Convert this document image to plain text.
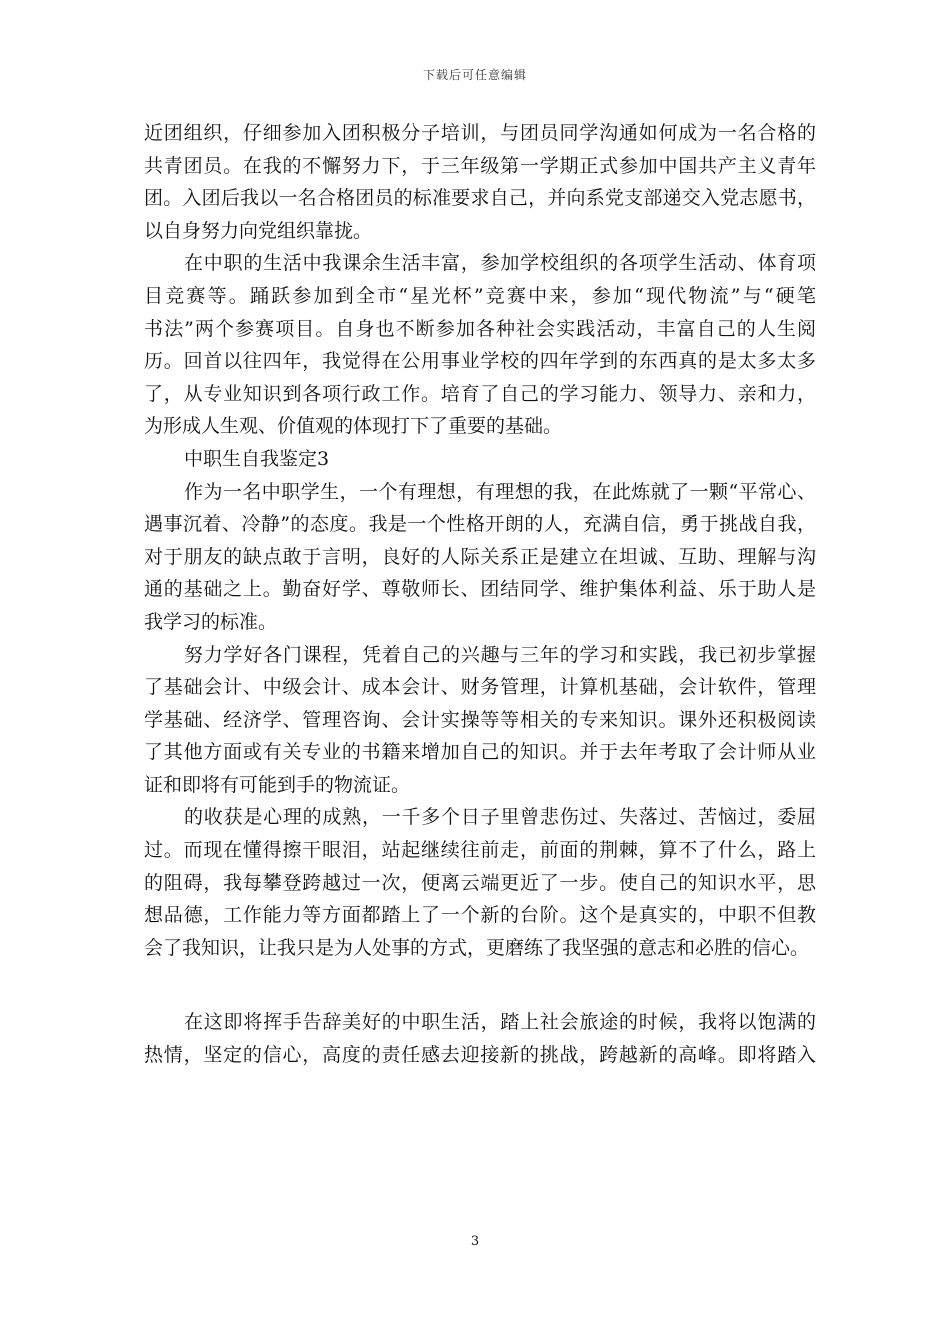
下载后可任意编辑
近团组织，仔细参加入团积极分子培训，与团员同学沟通如何成为一名合格的
共青团员。在我的不懈努力下，于三年级第一学期正式参加中国共产主义青年
团。入团后我以一名合格团员的标准要求自己，并向系党支部递交入党志愿书，
以自身努力向党组织靠拢。
在中职的生活中我课余生活丰富，参加学校组织的各项学生活动、体育项
目竞赛等。踊跃参加到全市“星光杯”竞赛中来，参加“现代物流”与“硬笔
书法”两个参赛项目。自身也不断参加各种社会实践活动，丰富自己的人生阅
历。回首以往四年，我觉得在公用事业学校的四年学到的东西真的是太多太多
了，从专业知识到各项行政工作。培育了自己的学习能力、领导力、亲和力，
为形成人生观、价值观的体现打下了重要的基础。
中职生自我鉴定3
作为一名中职学生，一个有理想，有理想的我，在此炼就了一颗“平常心、
遇事沉着、冷静”的态度。我是一个性格开朗的人，充满自信，勇于挑战自我，
对于朋友的缺点敢于言明，良好的人际关系正是建立在坦诚、互助、理解与沟
通的基础之上。勤奋好学、尊敬师长、团结同学、维护集体利益、乐于助人是
我学习的标准。
努力学好各门课程，凭着自己的兴趣与三年的学习和实践，我已初步掌握
了基础会计、中级会计、成本会计、财务管理，计算机基础，会计软件，管理
学基础、经济学、管理咨询、会计实操等等相关的专来知识。课外还积极阅读
了其他方面或有关专业的书籍来增加自己的知识。并于去年考取了会计师从业
证和即将有可能到手的物流证。
的收获是心理的成熟，一千多个日子里曾悲伤过、失落过、苦恼过，委屈
过。而现在懂得擦干眼泪，站起继续往前走，前面的荆棘，算不了什么，路上
的阻碍，我每攀登跨越过一次，便离云端更近了一步。使自己的知识水平，思
想品德，工作能力等方面都踏上了一个新的台阶。这个是真实的，中职不但教
会了我知识，让我只是为人处事的方式，更磨练了我坚强的意志和必胜的信心。
在这即将挥手告辞美好的中职生活，踏上社会旅途的时候，我将以饱满的
热情，坚定的信心，高度的责任感去迎接新的挑战，跨越新的高峰。即将踏入
3
